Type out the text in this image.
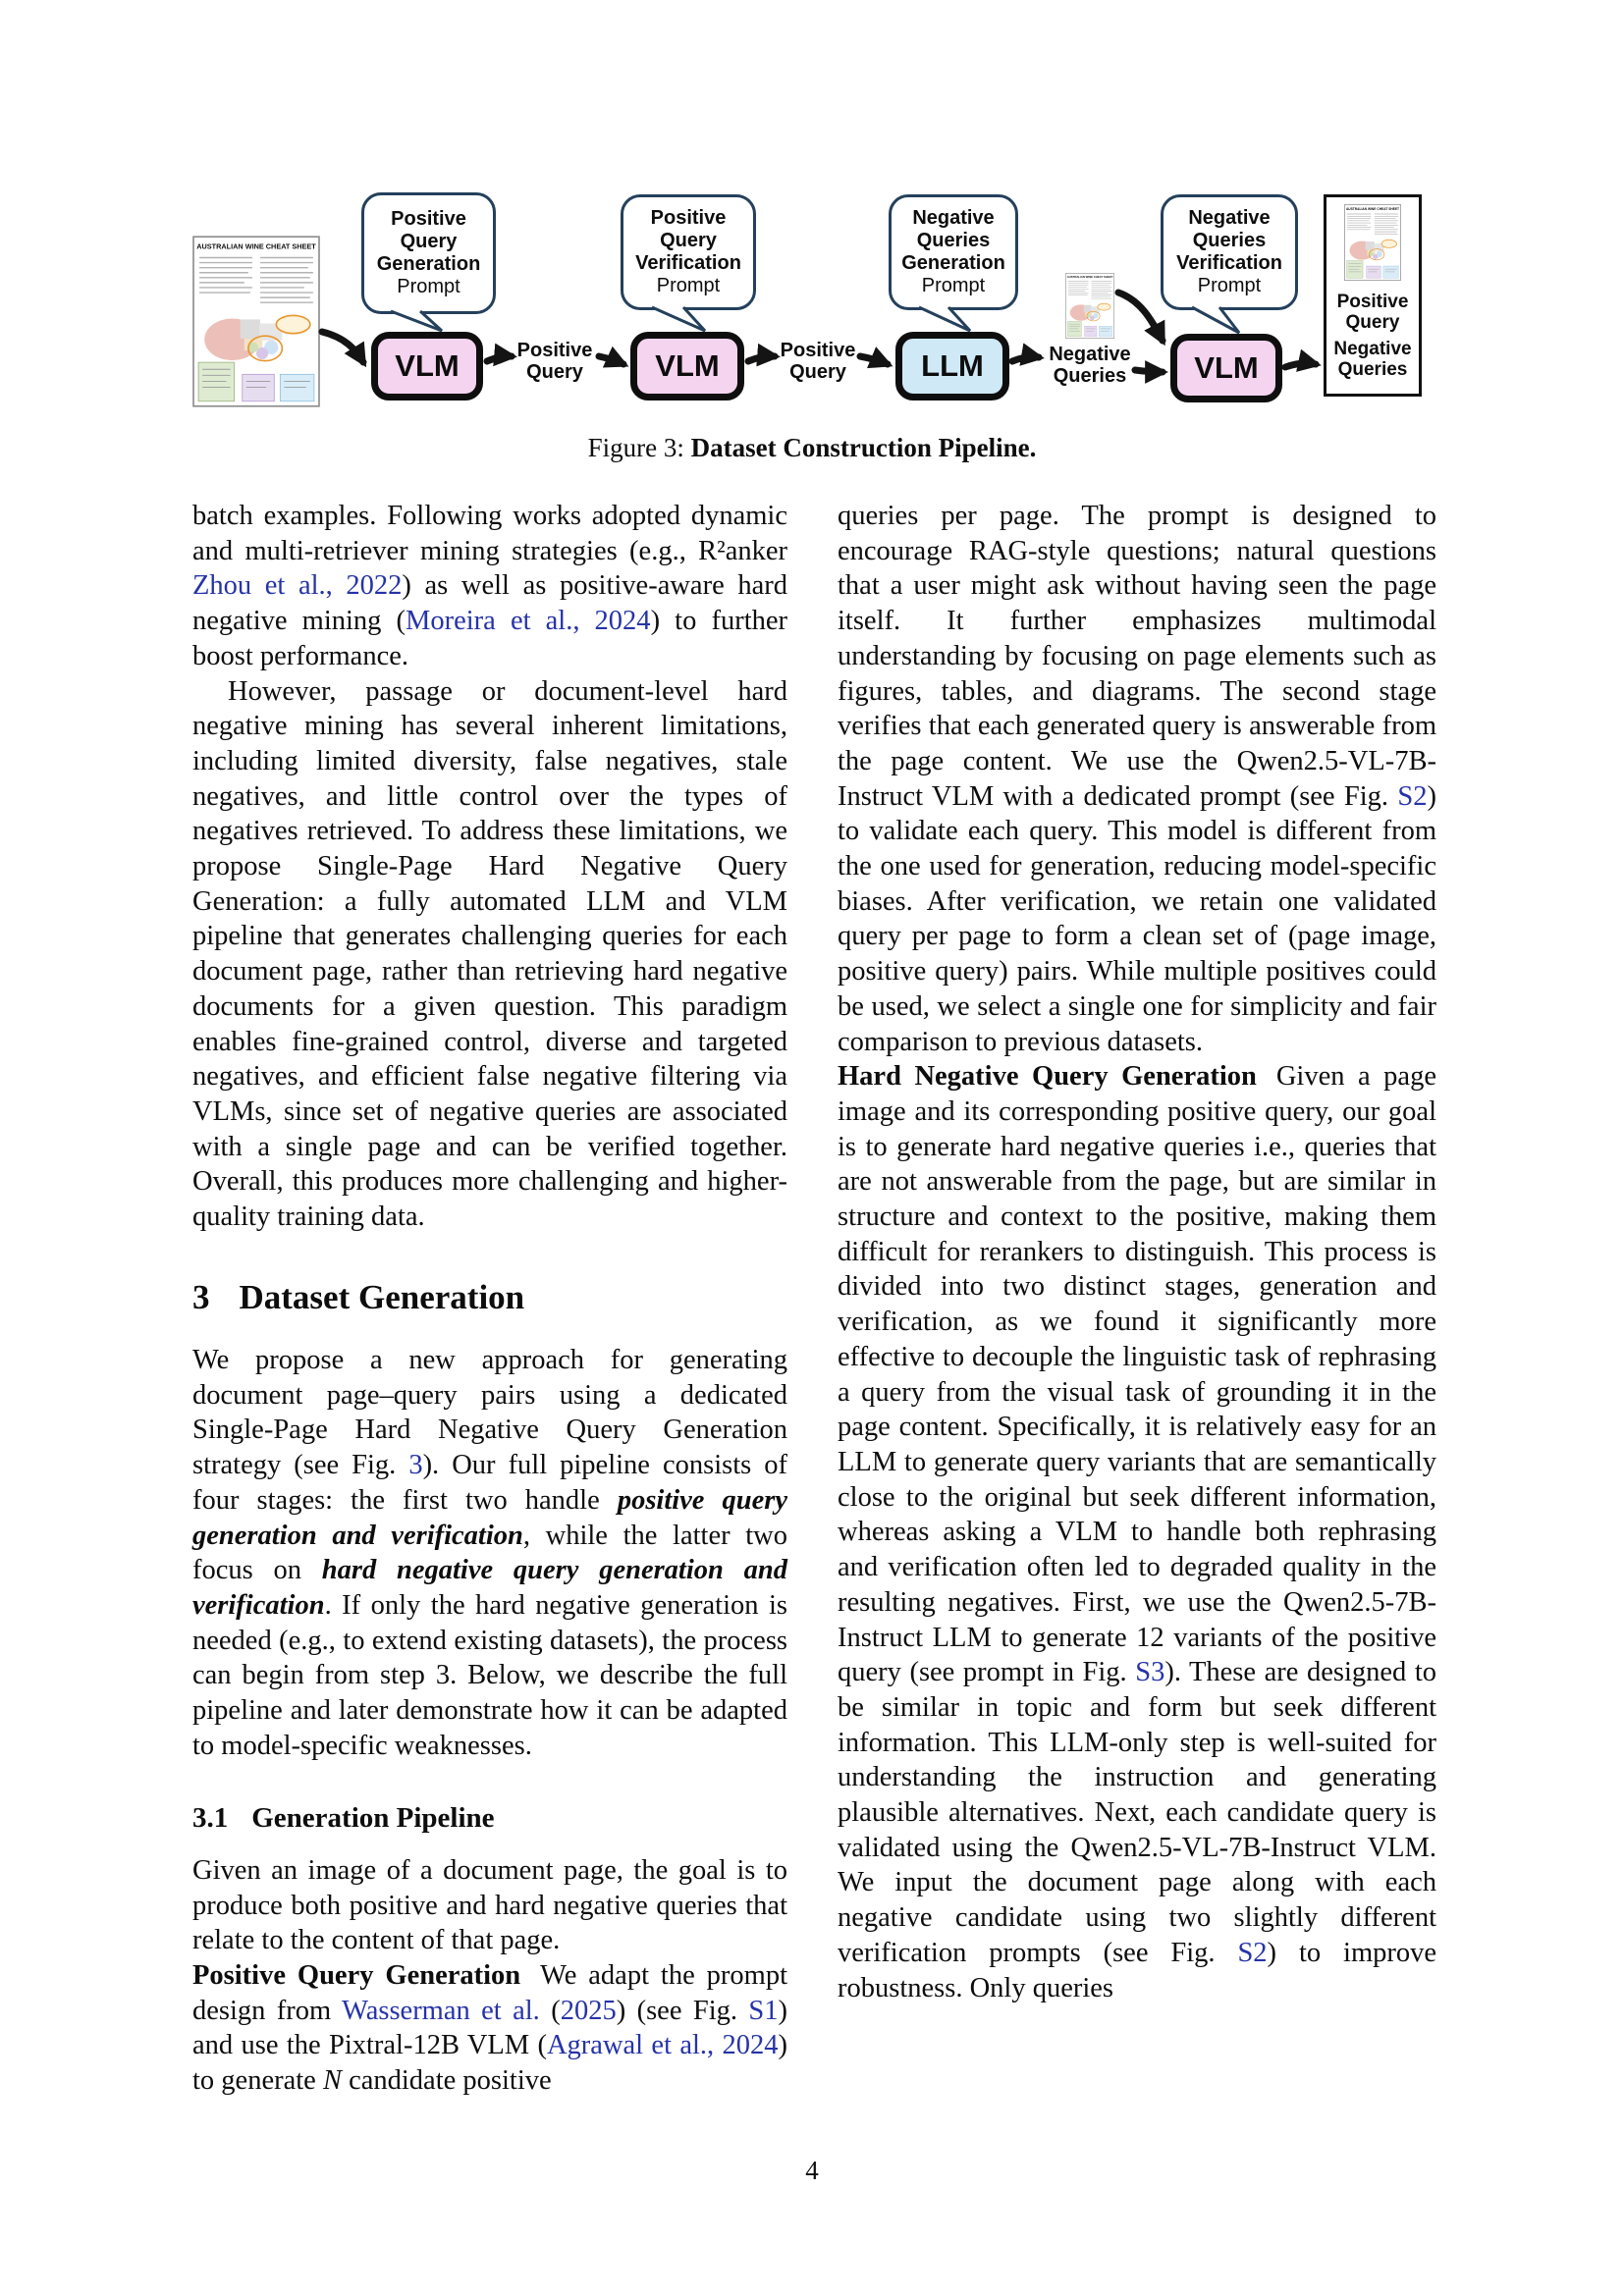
Positive Query Generation
Prompt
Positive Query Verification
Prompt
Negative Queries Generation
Prompt
Negative Queries Verification
Prompt
VLM	VLM	LLM	VLM
Positive Query
Positive Query
Negative Queries
Positive Query
Negative Queries
Figure 3: Dataset Construction Pipeline.

batch examples. Following works adopted dynamic and multi-retriever mining strategies (e.g., R²anker Zhou et al., 2022) as well as positive-aware hard negative mining (Moreira et al., 2024) to further boost performance.

However, passage or document-level hard negative mining has several inherent limitations, including limited diversity, false negatives, stale negatives, and little control over the types of negatives retrieved. To address these limitations, we propose Single-Page Hard Negative Query Generation: a fully automated LLM and VLM pipeline that generates challenging queries for each document page, rather than retrieving hard negative documents for a given question. This paradigm enables fine-grained control, diverse and targeted negatives, and efficient false negative filtering via VLMs, since set of negative queries are associated with a single page and can be verified together. Overall, this produces more challenging and higher-quality training data.

3 Dataset Generation

We propose a new approach for generating document page–query pairs using a dedicated Single-Page Hard Negative Query Generation strategy (see Fig. 3). Our full pipeline consists of four stages: the first two handle positive query generation and verification, while the latter two focus on hard negative query generation and verification. If only the hard negative generation is needed (e.g., to extend existing datasets), the process can begin from step 3. Below, we describe the full pipeline and later demonstrate how it can be adapted to model-specific weaknesses.

3.1 Generation Pipeline

Given an image of a document page, the goal is to produce both positive and hard negative queries that relate to the content of that page.

Positive Query Generation We adapt the prompt design from Wasserman et al. (2025) (see Fig. S1) and use the Pixtral-12B VLM (Agrawal et al., 2024) to generate N candidate positive

queries per page. The prompt is designed to encourage RAG-style questions; natural questions that a user might ask without having seen the page itself. It further emphasizes multimodal understanding by focusing on page elements such as figures, tables, and diagrams. The second stage verifies that each generated query is answerable from the page content. We use the Qwen2.5-VL-7B-Instruct VLM with a dedicated prompt (see Fig. S2) to validate each query. This model is different from the one used for generation, reducing model-specific biases. After verification, we retain one validated query per page to form a clean set of (page image, positive query) pairs. While multiple positives could be used, we select a single one for simplicity and fair comparison to previous datasets.

Hard Negative Query Generation Given a page image and its corresponding positive query, our goal is to generate hard negative queries i.e., queries that are not answerable from the page, but are similar in structure and context to the positive, making them difficult for rerankers to distinguish. This process is divided into two distinct stages, generation and verification, as we found it significantly more effective to decouple the linguistic task of rephrasing a query from the visual task of grounding it in the page content. Specifically, it is relatively easy for an LLM to generate query variants that are semantically close to the original but seek different information, whereas asking a VLM to handle both rephrasing and verification often led to degraded quality in the resulting negatives. First, we use the Qwen2.5-7B-Instruct LLM to generate 12 variants of the positive query (see prompt in Fig. S3). These are designed to be similar in topic and form but seek different information. This LLM-only step is well-suited for understanding the instruction and generating plausible alternatives. Next, each candidate query is validated using the Qwen2.5-VL-7B-Instruct VLM. We input the document page along with each negative candidate using two slightly different verification prompts (see Fig. S2) to improve robustness. Only queries

4
